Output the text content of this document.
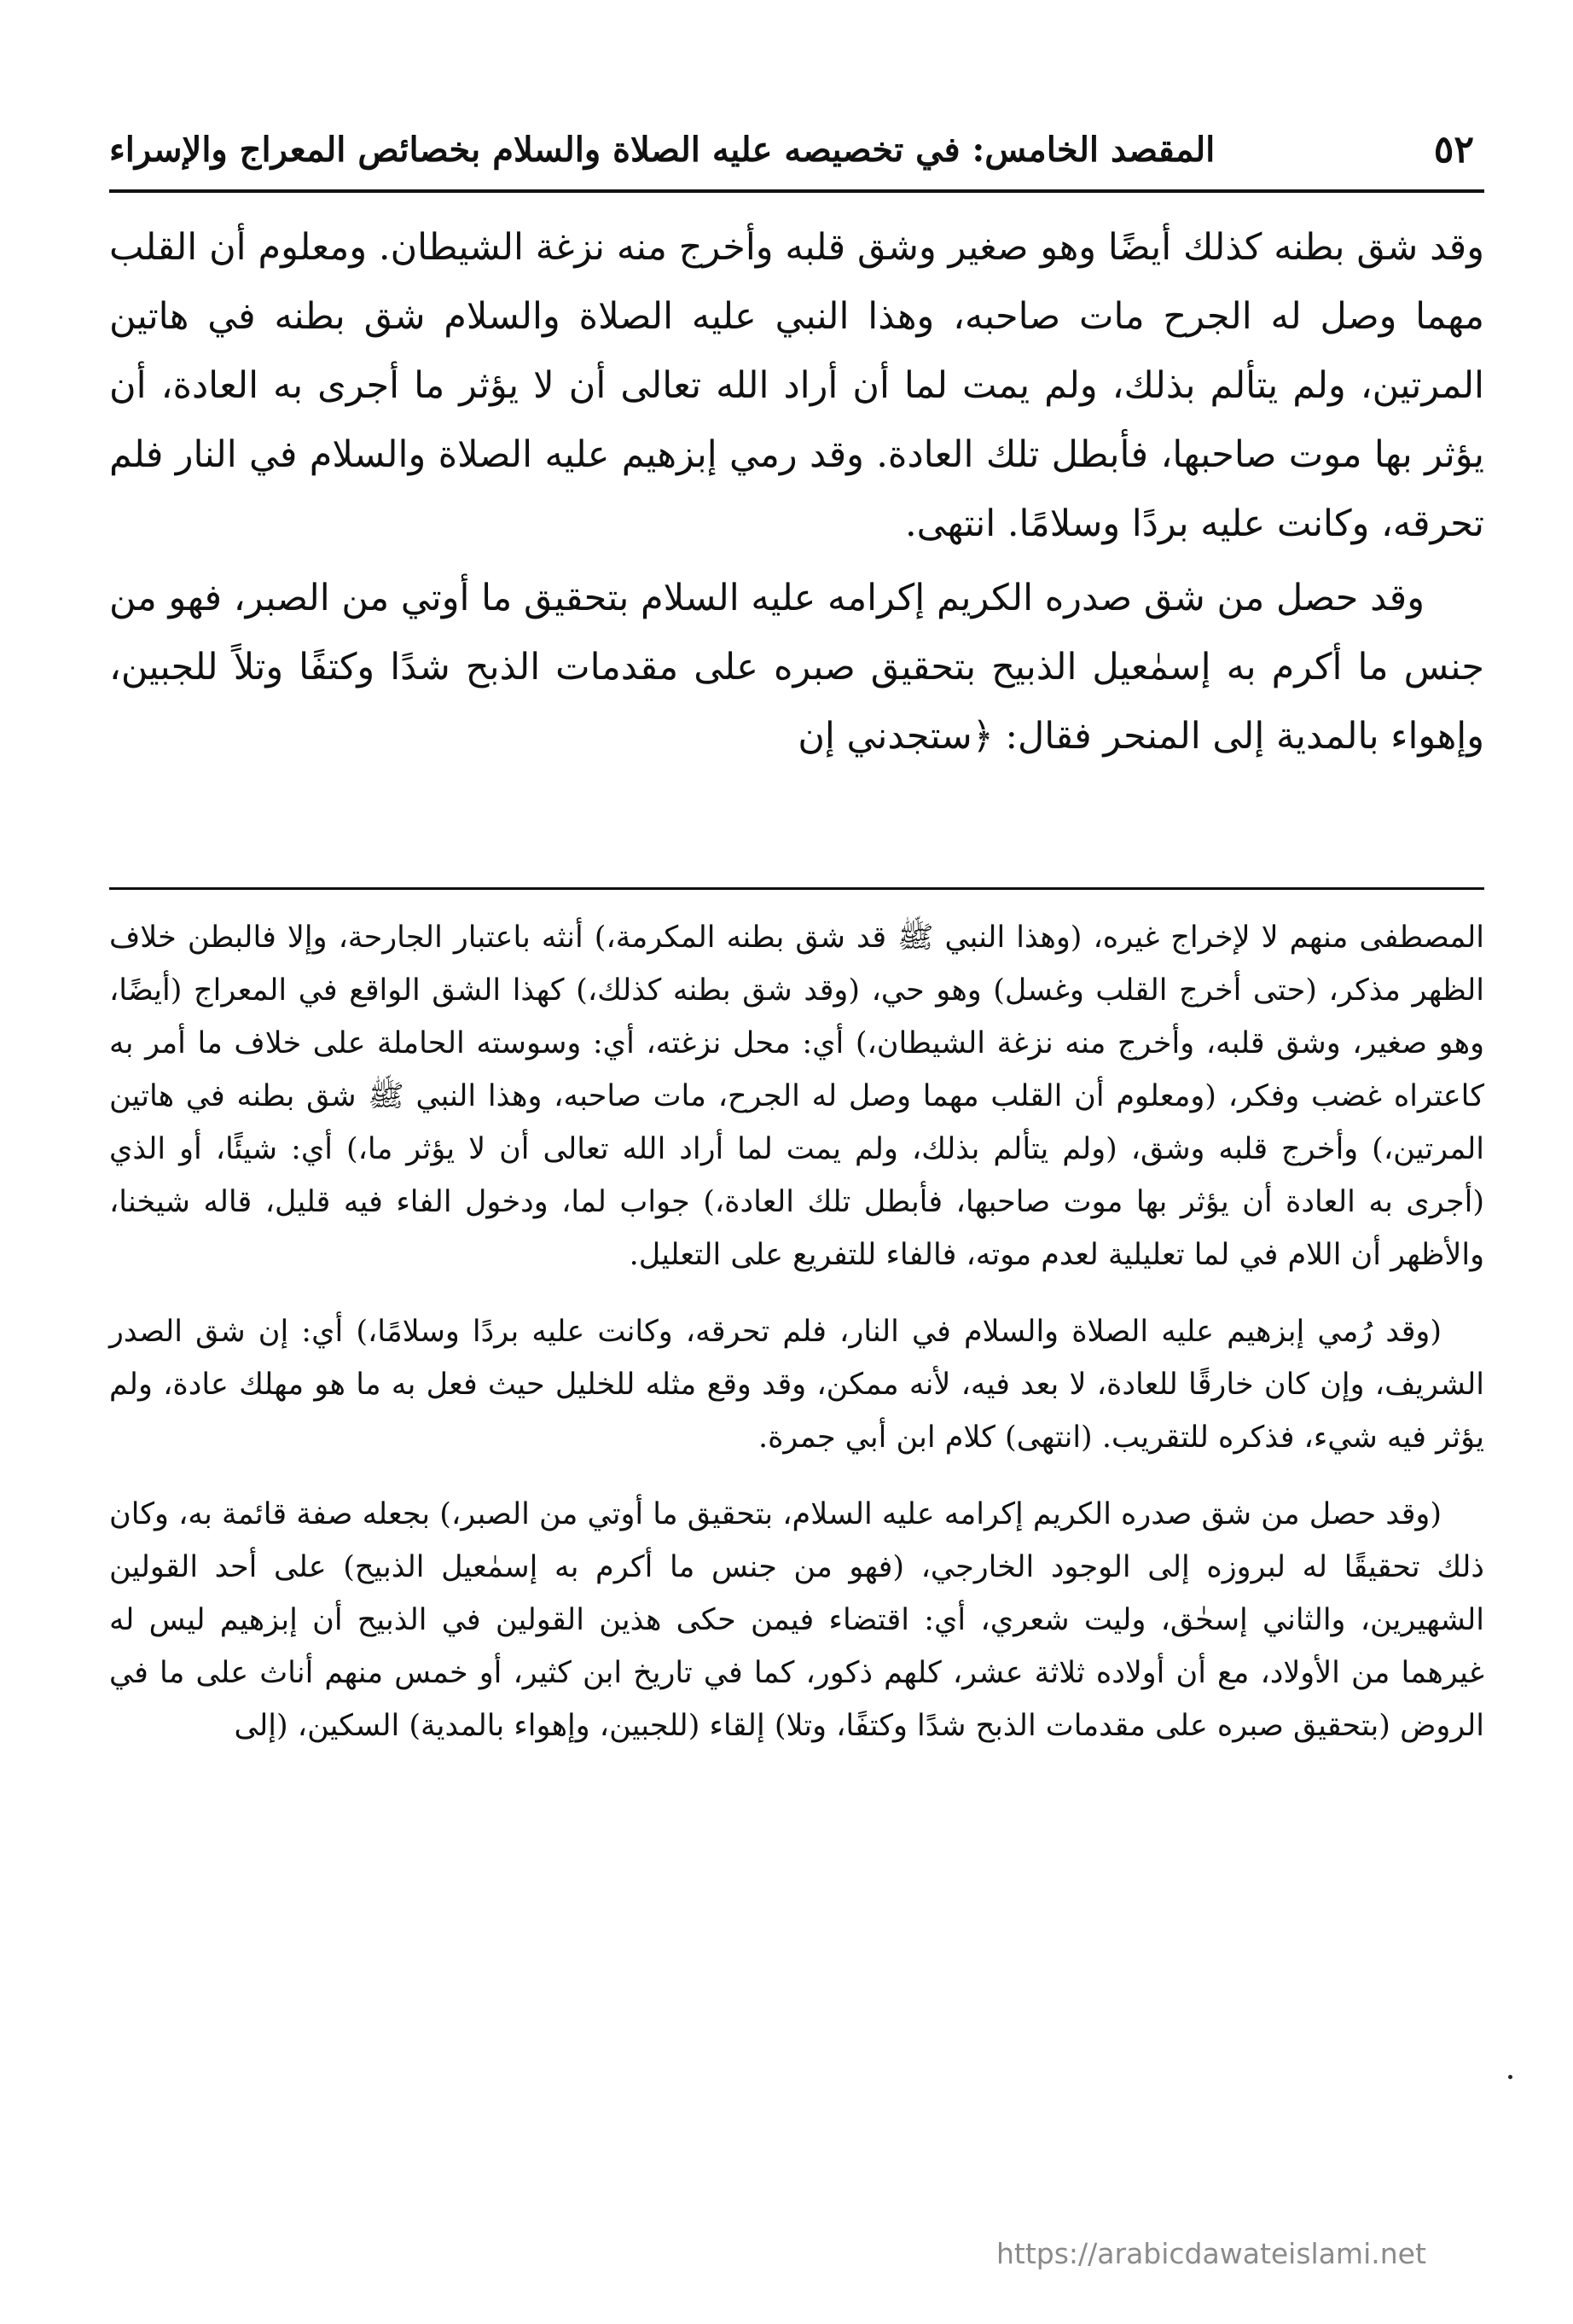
٥٢
المقصد الخامس: في تخصيصه عليه الصلاة والسلام بخصائص المعراج والإسراء

وقد شق بطنه كذلك أيضًا وهو صغير وشق قلبه وأخرج منه نزغة الشيطان. ومعلوم أن القلب مهما وصل له الجرح مات صاحبه، وهذا النبي عليه الصلاة والسلام شق بطنه في هاتين المرتين، ولم يتألم بذلك، ولم يمت لما أن أراد الله تعالى أن لا يؤثر ما أجرى به العادة، أن يؤثر بها موت صاحبها، فأبطل تلك العادة. وقد رمي إبزهيم عليه الصلاة والسلام في النار فلم تحرقه، وكانت عليه بردًا وسلامًا. انتهى.

وقد حصل من شق صدره الكريم إكرامه عليه السلام بتحقيق ما أوتي من الصبر، فهو من جنس ما أكرم به إسمٰعيل الذبيح بتحقيق صبره على مقدمات الذبح شدًا وكتفًا وتلاً للجبين، وإهواء بالمدية إلى المنحر فقال: ﴿ستجدني إن

المصطفى منهم لا لإخراج غيره، (وهذا النبي ﷺ قد شق بطنه المكرمة،) أنثه باعتبار الجارحة، وإلا فالبطن خلاف الظهر مذكر، (حتى أخرج القلب وغسل) وهو حي، (وقد شق بطنه كذلك،) كهذا الشق الواقع في المعراج (أيضًا، وهو صغير، وشق قلبه، وأخرج منه نزغة الشيطان،) أي: محل نزغته، أي: وسوسته الحاملة على خلاف ما أمر به كاعتراه غضب وفكر، (ومعلوم أن القلب مهما وصل له الجرح، مات صاحبه، وهذا النبي ﷺ شق بطنه في هاتين المرتين،) وأخرج قلبه وشق، (ولم يتألم بذلك، ولم يمت لما أراد الله تعالى أن لا يؤثر ما،) أي: شيئًا، أو الذي (أجرى به العادة أن يؤثر بها موت صاحبها، فأبطل تلك العادة،) جواب لما، ودخول الفاء فيه قليل، قاله شيخنا، والأظهر أن اللام في لما تعليلية لعدم موته، فالفاء للتفريع على التعليل.

(وقد رُمي إبزهيم عليه الصلاة والسلام في النار، فلم تحرقه، وكانت عليه بردًا وسلامًا،) أي: إن شق الصدر الشريف، وإن كان خارقًا للعادة، لا بعد فيه، لأنه ممكن، وقد وقع مثله للخليل حيث فعل به ما هو مهلك عادة، ولم يؤثر فيه شيء، فذكره للتقريب. (انتهى) كلام ابن أبي جمرة.

(وقد حصل من شق صدره الكريم إكرامه عليه السلام، بتحقيق ما أوتي من الصبر،) بجعله صفة قائمة به، وكان ذلك تحقيقًا له لبروزه إلى الوجود الخارجي، (فهو من جنس ما أكرم به إسمٰعيل الذبيح) على أحد القولين الشهيرين، والثاني إسحٰق، وليت شعري، أي: اقتضاء فيمن حكى هذين القولين في الذبيح أن إبزهيم ليس له غيرهما من الأولاد، مع أن أولاده ثلاثة عشر، كلهم ذكور، كما في تاريخ ابن كثير، أو خمس منهم أناث على ما في الروض (بتحقيق صبره على مقدمات الذبح شدًا وكتفًا، وتلا) إلقاء (للجبين، وإهواء بالمدية) السكين، (إلى

https://arabicdawateislami.net
